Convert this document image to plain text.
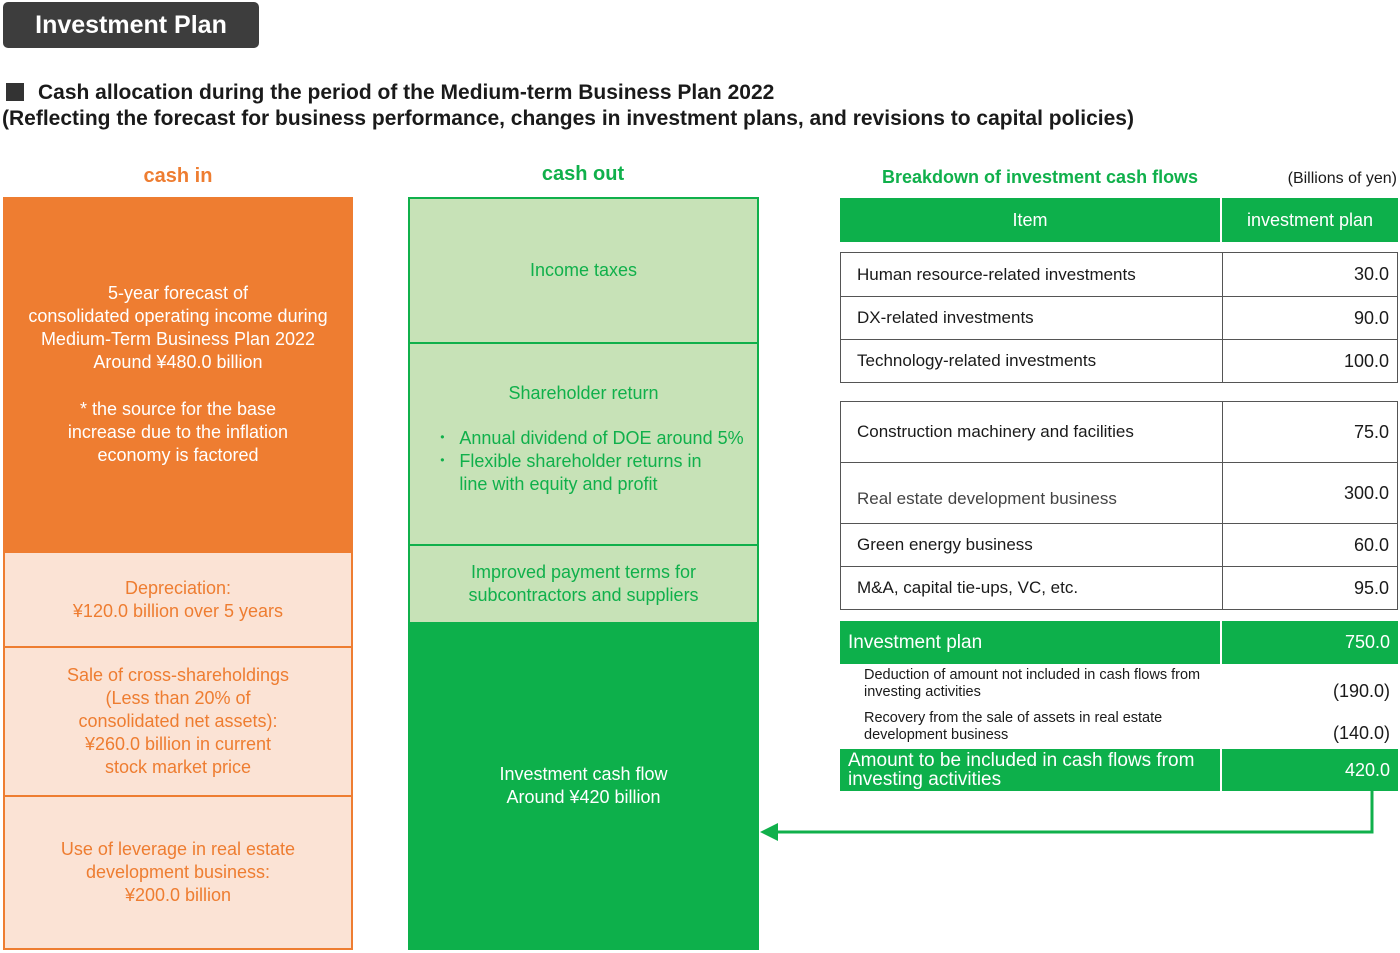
Investment Plan
Cash allocation during the period of the Medium-term Business Plan 2022
(Reflecting the forecast for business performance, changes in investment plans, and revisions to capital policies)
cash in
5-year forecast of
consolidated operating income during
Medium-Term Business Plan 2022
Around ¥480.0 billion
* the source for the base
increase due to the inflation
economy is factored
Depreciation:
¥120.0 billion over 5 years
Sale of cross-shareholdings
(Less than 20% of
consolidated net assets):
¥260.0 billion in current
stock market price
Use of leverage in real estate
development business:
¥200.0 billion
cash out
Income taxes
Shareholder return
・ Annual dividend of DOE around 5%
・ Flexible shareholder returns in
line with equity and profit
Improved payment terms for
subcontractors and suppliers
Investment cash flow
Around ¥420 billion
Breakdown of investment cash flows	(Billions of yen)
Item	investment plan
Human resource-related investments	30.0
DX-related investments	90.0
Technology-related investments	100.0
Construction machinery and facilities	75.0
Real estate development business	300.0
Green energy business	60.0
M&A, capital tie-ups, VC, etc.	95.0
Investment plan	750.0
Deduction of amount not included in cash flows from
investing activities	(190.0)
Recovery from the sale of assets in real estate
development business	(140.0)
Amount to be included in cash flows from
investing activities	420.0
